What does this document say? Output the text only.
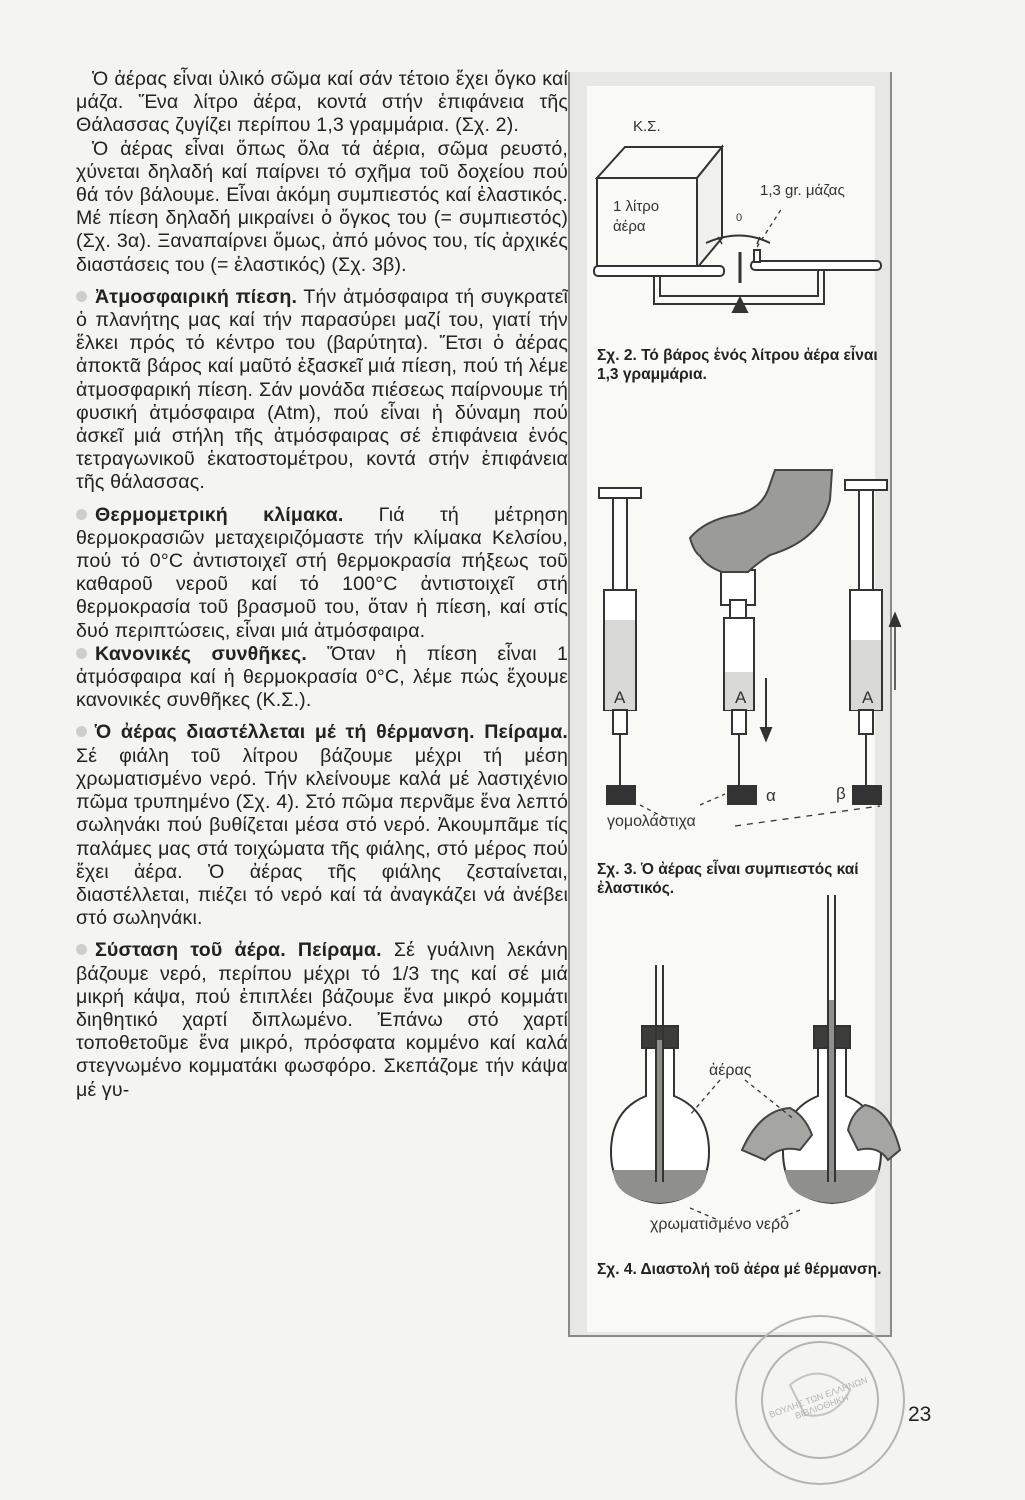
Ὁ ἀέρας εἶναι ὑλικό σῶμα καί σάν τέτοιο ἔχει ὄγκο καί μάζα. Ἕνα λίτρο ἀέρα, κοντά στήν ἐπιφάνεια τῆς Θάλασσας ζυγίζει περίπου 1,3 γραμμάρια. (Σχ. 2).

Ὁ ἀέρας εἶναι ὅπως ὅλα τά ἀέρια, σῶμα ρευστό, χύνεται δηλαδή καί παίρνει τό σχῆμα τοῦ δοχείου πού θά τόν βάλουμε. Εἶναι ἀκόμη συμπιεστός καί ἐλαστικός. Μέ πίεση δηλαδή μικραίνει ὁ ὄγκος του (= συμπιεστός) (Σχ. 3α). Ξαναπαίρνει ὅμως, ἀπό μόνος του, τίς ἀρχικές διαστάσεις του (= ἐλαστικός) (Σχ. 3β).

Ἀτμοσφαιρική πίεση. Τήν ἀτμόσφαιρα τή συγκρατεῖ ὁ πλανήτης μας καί τήν παρασύρει μαζί του, γιατί τήν ἕλκει πρός τό κέντρο του (βαρύτητα). Ἔτσι ὁ ἀέρας ἀποκτᾶ βάρος καί μαῦτό ἐξασκεῖ μιά πίεση, πού τή λέμε ἀτμοσφαρική πίεση. Σάν μονάδα πιέσεως παίρνουμε τή φυσική ἀτμόσφαιρα (Atm), πού εἶναι ἡ δύναμη πού ἀσκεῖ μιά στήλη τῆς ἀτμόσφαιρας σέ ἐπιφάνεια ἑνός τετραγωνικοῦ ἑκατοστομέτρου, κοντά στήν ἐπιφάνεια τῆς θάλασσας.

Θερμομετρική κλίμακα. Γιά τή μέτρηση θερμοκρασιῶν μεταχειριζόμαστε τήν κλίμακα Κελσίου, πού τό 0°C ἀντιστοιχεῖ στή θερμοκρασία πήξεως τοῦ καθαροῦ νεροῦ καί τό 100°C ἀντιστοιχεῖ στή θερμοκρασία τοῦ βρασμοῦ του, ὅταν ἡ πίεση, καί στίς δυό περιπτώσεις, εἶναι μιά ἀτμόσφαιρα.

Κανονικές συνθῆκες. Ὅταν ἡ πίεση εἶναι 1 ἀτμόσφαιρα καί ἡ θερμοκρασία 0°C, λέμε πώς ἔχουμε κανονικές συνθῆκες (Κ.Σ.).

Ὁ ἀέρας διαστέλλεται μέ τή θέρμανση. Πείραμα. Σέ φιάλη τοῦ λίτρου βάζουμε μέχρι τή μέση χρωματισμένο νερό. Τήν κλείνουμε καλά μέ λαστιχένιο πῶμα τρυπημένο (Σχ. 4). Στό πῶμα περνᾶμε ἕνα λεπτό σωληνάκι πού βυθίζεται μέσα στό νερό. Ἀκουμπᾶμε τίς παλάμες μας στά τοιχώματα τῆς φιάλης, στό μέρος πού ἔχει ἀέρα. Ὁ ἀέρας τῆς φιάλης ζεσταίνεται, διαστέλλεται, πιέζει τό νερό καί τά ἀναγκάζει νά ἀνέβει στό σωληνάκι.

Σύσταση τοῦ ἀέρα. Πείραμα. Σέ γυάλινη λεκάνη βάζουμε νερό, περίπου μέχρι τό 1/3 της καί σέ μιά μικρή κάψα, πού ἐπιπλέει βάζουμε ἕνα μικρό κομμάτι διηθητικό χαρτί διπλωμένο. Ἐπάνω στό χαρτί τοποθετοῦμε ἕνα μικρό, πρόσφατα κομμένο καί καλά στεγνωμένο κομματάκι φωσφόρο. Σκεπάζομε τήν κάψα μέ γυ-

Κ.Σ.
1 λίτρο
ἀέρα
1,3 gr. μάζας
0
Σχ. 2. Τό βάρος ἑνός λίτρου ἀέρα εἶναι 1,3 γραμμάρια.
A	A	A
α	β
γομολάστιχα
Σχ. 3. Ὁ ἀέρας εἶναι συμπιεστός καί ἐλαστικός.
ἀέρας
χρωματισμένο νερό
Σχ. 4. Διαστολή τοῦ ἀέρα μέ θέρμανση.
ΒΟΥΛΗΣ ΤΩΝ ΕΛΛΗΝΩΝ ΒΙΒΛΙΟΘΗΚΗ	23
